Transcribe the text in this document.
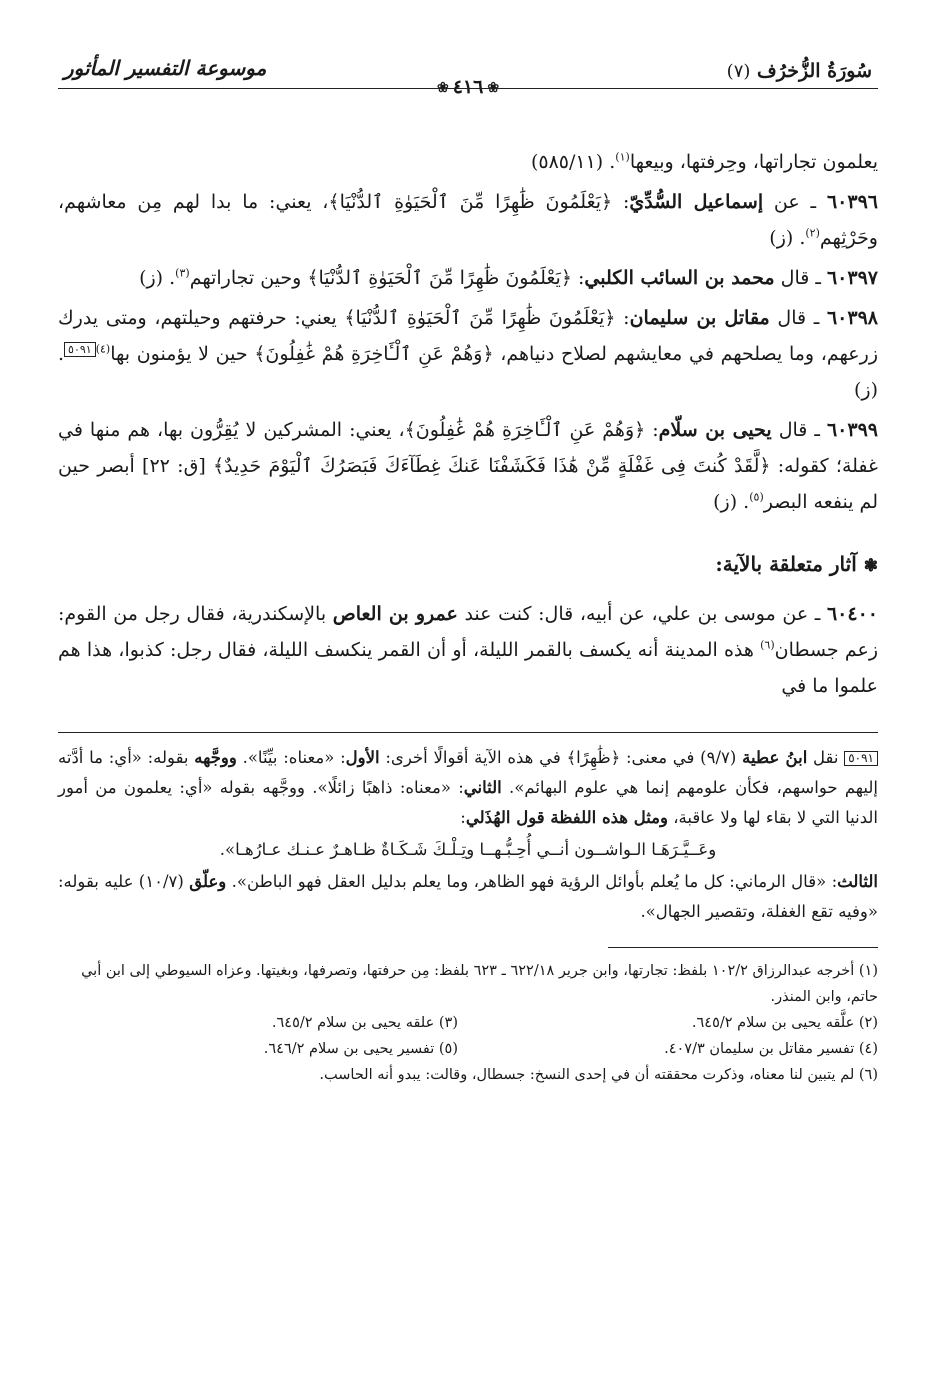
سُورَةُ الزُّخرُف (٧)
❀٤١٦❀
موسوعة التفسير المأثور

يعلمون تجاراتها، وحِرفتها، وبيعها$^{(١)}$. (٥٨٥/١١)

٦٠٣٩٦ ـ عن إسماعيل السُّدِّيّ: ﴿يَعْلَمُونَ ظَٰهِرًا مِّنَ ٱلْحَيَوٰةِ ٱلدُّنْيَا﴾، يعني: ما بدا لهم مِن معاشهم، وحَرْثِهم$^{(٢)}$. (ز)

٦٠٣٩٧ ـ قال محمد بن السائب الكلبي: ﴿يَعْلَمُونَ ظَٰهِرًا مِّنَ ٱلْحَيَوٰةِ ٱلدُّنْيَا﴾ وحين تجاراتهم$^{(٣)}$. (ز)

٦٠٣٩٨ ـ قال مقاتل بن سليمان: ﴿يَعْلَمُونَ ظَٰهِرًا مِّنَ ٱلْحَيَوٰةِ ٱلدُّنْيَا﴾ يعني: حرفتهم وحيلتهم، ومتى يدرك زرعهم، وما يصلحهم في معايشهم لصلاح دنياهم، ﴿وَهُمْ عَنِ ٱلْـَٔاخِرَةِ هُمْ غَٰفِلُونَ﴾ حين لا يؤمنون بها$^{(٤)}$٥٠٩١. (ز)

٦٠٣٩٩ ـ قال يحيى بن سلّام: ﴿وَهُمْ عَنِ ٱلْـَٔاخِرَةِ هُمْ غَٰفِلُونَ﴾، يعني: المشركين لا يُقِرُّون بها، هم منها في غفلة؛ كقوله: ﴿لَّقَدْ كُنتَ فِى غَفْلَةٍ مِّنْ هَٰذَا فَكَشَفْنَا عَنكَ غِطَآءَكَ فَبَصَرُكَ ٱلْيَوْمَ حَدِيدٌ﴾ [ق: ٢٢] أبصر حين لم ينفعه البصر$^{(٥)}$. (ز)

❃ آثار متعلقة بالآية:

٦٠٤٠٠ ـ عن موسى بن علي، عن أبيه، قال: كنت عند عمرو بن العاص بالإسكندرية، فقال رجل من القوم: زعم جسطان$^{(٦)}$ هذه المدينة أنه يكسف بالقمر الليلة، أو أن القمر ينكسف الليلة، فقال رجل: كذبوا، هذا هم علموا ما في

٥٠٩١ نقل ابنُ عطية (٩/٧) في معنى: ﴿ظَٰهِرًا﴾ في هذه الآية أقوالًا أخرى: الأول: «معناه: بيِّنًا». ووجَّهه بقوله: «أي: ما أدَّته إليهم حواسهم، فكأن علومهم إنما هي علوم البهائم». الثاني: «معناه: ذاهبًا زائلًا». ووجَّهه بقوله «أي: يعلمون من أمور الدنيا التي لا بقاء لها ولا عاقبة، ومثل هذه اللفظة قول الهُذَلي:
وعَــيَّـرَهَـا الـواشــون أنــي أُحِـبُّـهــا وتِـلْـكَ شَـكَـاةٌ ظـاهـرٌ عـنـك عـارُهـا».
الثالث: «قال الرماني: كل ما يُعلم بأوائل الرؤية فهو الظاهر، وما يعلم بدليل العقل فهو الباطن». وعلّق (١٠/٧) عليه بقوله: «وفيه تقع الغفلة، وتقصير الجهال».
(١) أخرجه عبدالرزاق ١٠٢/٢ بلفظ: تجارتها، وابن جرير ٦٢٢/١٨ ـ ٦٢٣ بلفظ: مِن حرفتها، وتصرفها، وبغيتها. وعزاه السيوطي إلى ابن أبي حاتم، وابن المنذر.
(٢) علَّقه يحيى بن سلام ٦٤٥/٢.
(٣) علقه يحيى بن سلام ٦٤٥/٢.
(٤) تفسير مقاتل بن سليمان ٤٠٧/٣.
(٥) تفسير يحيى بن سلام ٦٤٦/٢.
(٦) لم يتبين لنا معناه، وذكرت محققته أن في إحدى النسخ: جسطال، وقالت: يبدو أنه الحاسب.
